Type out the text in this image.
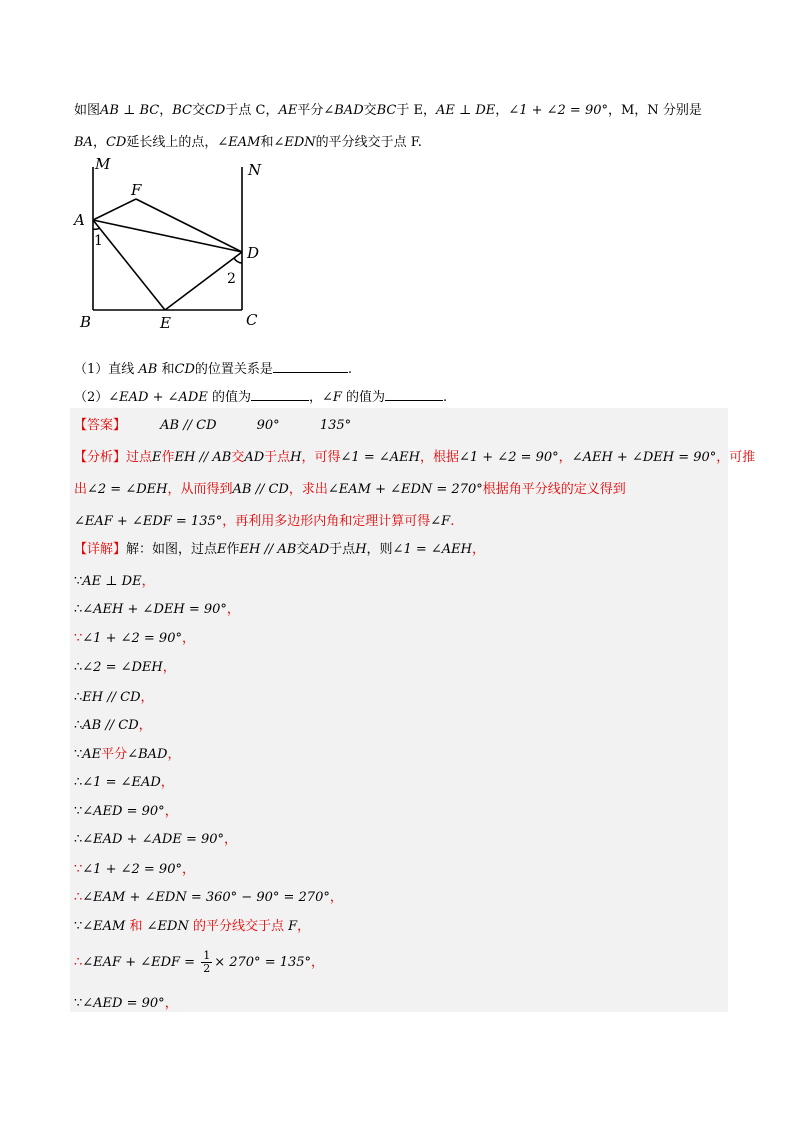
如图AB ⊥ BC，BC交CD于点 C，AE平分∠BAD交BC于 E，AE ⊥ DE，∠1 + ∠2 = 90°，M，N 分别是
BA，CD延长线上的点，∠EAM和∠EDN的平分线交于点 F.
M	N
F
A
D
B	E	C
1
2
（1）直线 AB 和CD的位置关系是	.
（2）∠EAD + ∠ADE 的值为	，∠F 的值为	.
【答案】	AB // CD	90°	135°
【分析】过点E作EH // AB交AD于点H，可得∠1 = ∠AEH，根据∠1 + ∠2 = 90°，∠AEH + ∠DEH = 90°，可推
出∠2 = ∠DEH，从而得到AB // CD，求出∠EAM + ∠EDN = 270°根据角平分线的定义得到
∠EAF + ∠EDF = 135°，再利用多边形内角和定理计算可得∠F.
【详解】解：如图，过点E作EH // AB交AD于点H，则∠1 = ∠AEH，
∵AE ⊥ DE，
∴∠AEH + ∠DEH = 90°，
∵∠1 + ∠2 = 90°，
∴∠2 = ∠DEH，
∴EH // CD，
∴AB // CD，
∵AE平分∠BAD，
∴∠1 = ∠EAD，
∵∠AED = 90°，
∴∠EAD + ∠ADE = 90°，
∵∠1 + ∠2 = 90°，
∴∠EAM + ∠EDN = 360° − 90° = 270°，
∵∠EAM 和 ∠EDN 的平分线交于点 F，
∴∠EAF + ∠EDF = $\frac{1}{2} \times 270^\circ = 135^\circ$，
∵∠AED = 90°，
